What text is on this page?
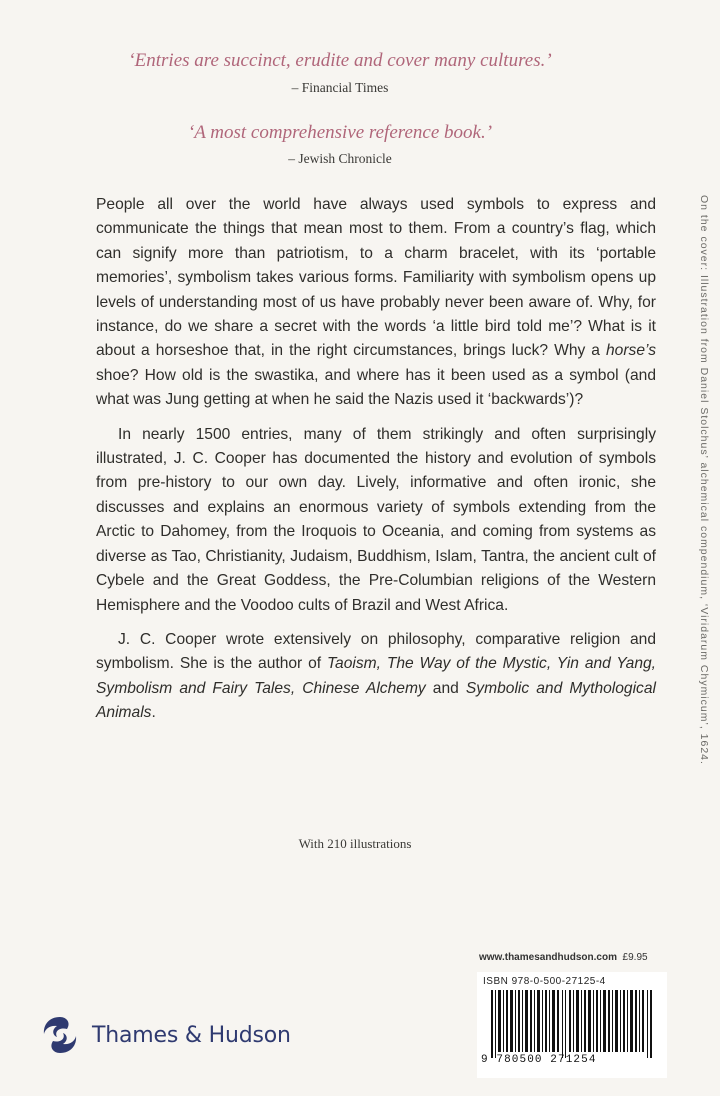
‘Entries are succinct, erudite and cover many cultures.’
– Financial Times
‘A most comprehensive reference book.’
– Jewish Chronicle

People all over the world have always used symbols to express and communicate the things that mean most to them. From a country’s flag, which can signify more than patriotism, to a charm bracelet, with its ‘portable memories’, symbolism takes various forms. Familiarity with symbolism opens up levels of understanding most of us have probably never been aware of. Why, for instance, do we share a secret with the words ‘a little bird told me’? What is it about a horseshoe that, in the right circumstances, brings luck? Why a horse’s shoe? How old is the swastika, and where has it been used as a symbol (and what was Jung getting at when he said the Nazis used it ‘backwards’)?

In nearly 1500 entries, many of them strikingly and often surprisingly illustrated, J. C. Cooper has documented the history and evolution of symbols from pre-history to our own day. Lively, informative and often ironic, she discusses and explains an enormous variety of symbols extending from the Arctic to Dahomey, from the Iroquois to Oceania, and coming from systems as diverse as Tao, Christianity, Judaism, Buddhism, Islam, Tantra, the ancient cult of Cybele and the Great Goddess, the Pre-Columbian religions of the Western Hemisphere and the Voodoo cults of Brazil and West Africa.

J. C. Cooper wrote extensively on philosophy, comparative religion and symbolism. She is the author of Taoism, The Way of the Mystic, Yin and Yang, Symbolism and Fairy Tales, Chinese Alchemy and Symbolic and Mythological Animals.

With 210 illustrations
On the cover: Illustration from Daniel Stolchus’ alchemical compendium, ‘Viridarum Chymicum’, 1624.
www.thamesandhudson.com £9.95
ISBN 978-0-500-27125-4
9 780500 271254
Thames & Hudson
